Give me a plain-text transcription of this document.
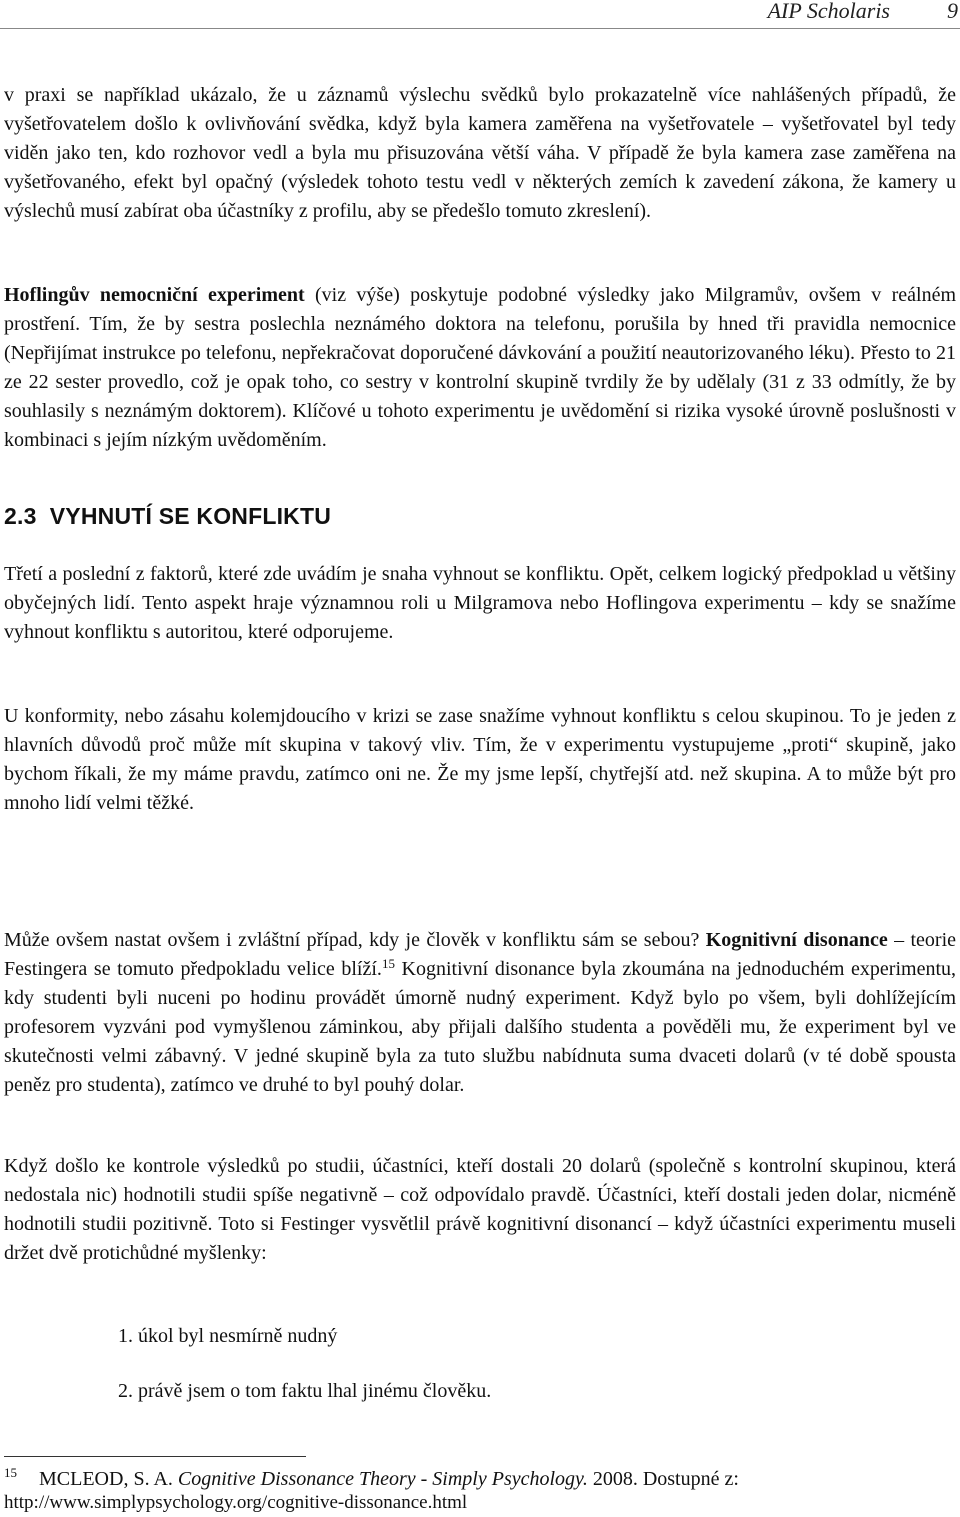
AIP Scholaris	9

v praxi se například ukázalo, že u záznamů výslechu svědků bylo prokazatelně více nahlášených případů, že vyšetřovatelem došlo k ovlivňování svědka, když byla kamera zaměřena na vyšetřovatele – vyšetřovatel byl tedy viděn jako ten, kdo rozhovor vedl a byla mu přisuzována větší váha. V případě že byla kamera zase zaměřena na vyšetřovaného, efekt byl opačný (výsledek tohoto testu vedl v některých zemích k zavedení zákona, že kamery u výslechů musí zabírat oba účastníky z profilu, aby se předešlo tomuto zkreslení).

Hoflingův nemocniční experiment (viz výše) poskytuje podobné výsledky jako Milgramův, ovšem v reálném prostření. Tím, že by sestra poslechla neznámého doktora na telefonu, porušila by hned tři pravidla nemocnice (Nepřijímat instrukce po telefonu, nepřekračovat doporučené dávkování a použití neautorizovaného léku). Přesto to 21 ze 22 sester provedlo, což je opak toho, co sestry v kontrolní skupině tvrdily že by udělaly (31 z 33 odmítly, že by souhlasily s neznámým doktorem). Klíčové u tohoto experimentu je uvědomění si rizika vysoké úrovně poslušnosti v kombinaci s jejím nízkým uvědoměním.

2.3 VYHNUTÍ SE KONFLIKTU

Třetí a poslední z faktorů, které zde uvádím je snaha vyhnout se konfliktu. Opět, celkem logický předpoklad u většiny obyčejných lidí. Tento aspekt hraje významnou roli u Milgramova nebo Hoflingova experimentu – kdy se snažíme vyhnout konfliktu s autoritou, které odporujeme.

U konformity, nebo zásahu kolemjdoucího v krizi se zase snažíme vyhnout konfliktu s celou skupinou. To je jeden z hlavních důvodů proč může mít skupina v takový vliv. Tím, že v experimentu vystupujeme „proti“ skupině, jako bychom říkali, že my máme pravdu, zatímco oni ne. Že my jsme lepší, chytřejší atd. než skupina. A to může být pro mnoho lidí velmi těžké.

Může ovšem nastat ovšem i zvláštní případ, kdy je člověk v konfliktu sám se sebou? Kognitivní disonance – teorie Festingera se tomuto předpokladu velice blíží.$^{15}$ Kognitivní disonance byla zkoumána na jednoduchém experimentu, kdy studenti byli nuceni po hodinu provádět úmorně nudný experiment. Když bylo po všem, byli dohlížejícím profesorem vyzváni pod vymyšlenou záminkou, aby přijali dalšího studenta a pověděli mu, že experiment byl ve skutečnosti velmi zábavný. V jedné skupině byla za tuto službu nabídnuta suma dvaceti dolarů (v té době spousta peněz pro studenta), zatímco ve druhé to byl pouhý dolar.

Když došlo ke kontrole výsledků po studii, účastníci, kteří dostali 20 dolarů (společně s kontrolní skupinou, která nedostala nic) hodnotili studii spíše negativně – což odpovídalo pravdě. Účastníci, kteří dostali jeden dolar, nicméně hodnotili studii pozitivně. Toto si Festinger vysvětlil právě kognitivní disonancí – když účastníci experimentu museli držet dvě protichůdné myšlenky:

1. úkol byl nesmírně nudný
2. právě jsem o tom faktu lhal jinému člověku.
$^{15}$ MCLEOD, S. A. Cognitive Dissonance Theory - Simply Psychology. 2008. Dostupné z:
http://www.simplypsychology.org/cognitive-dissonance.html
